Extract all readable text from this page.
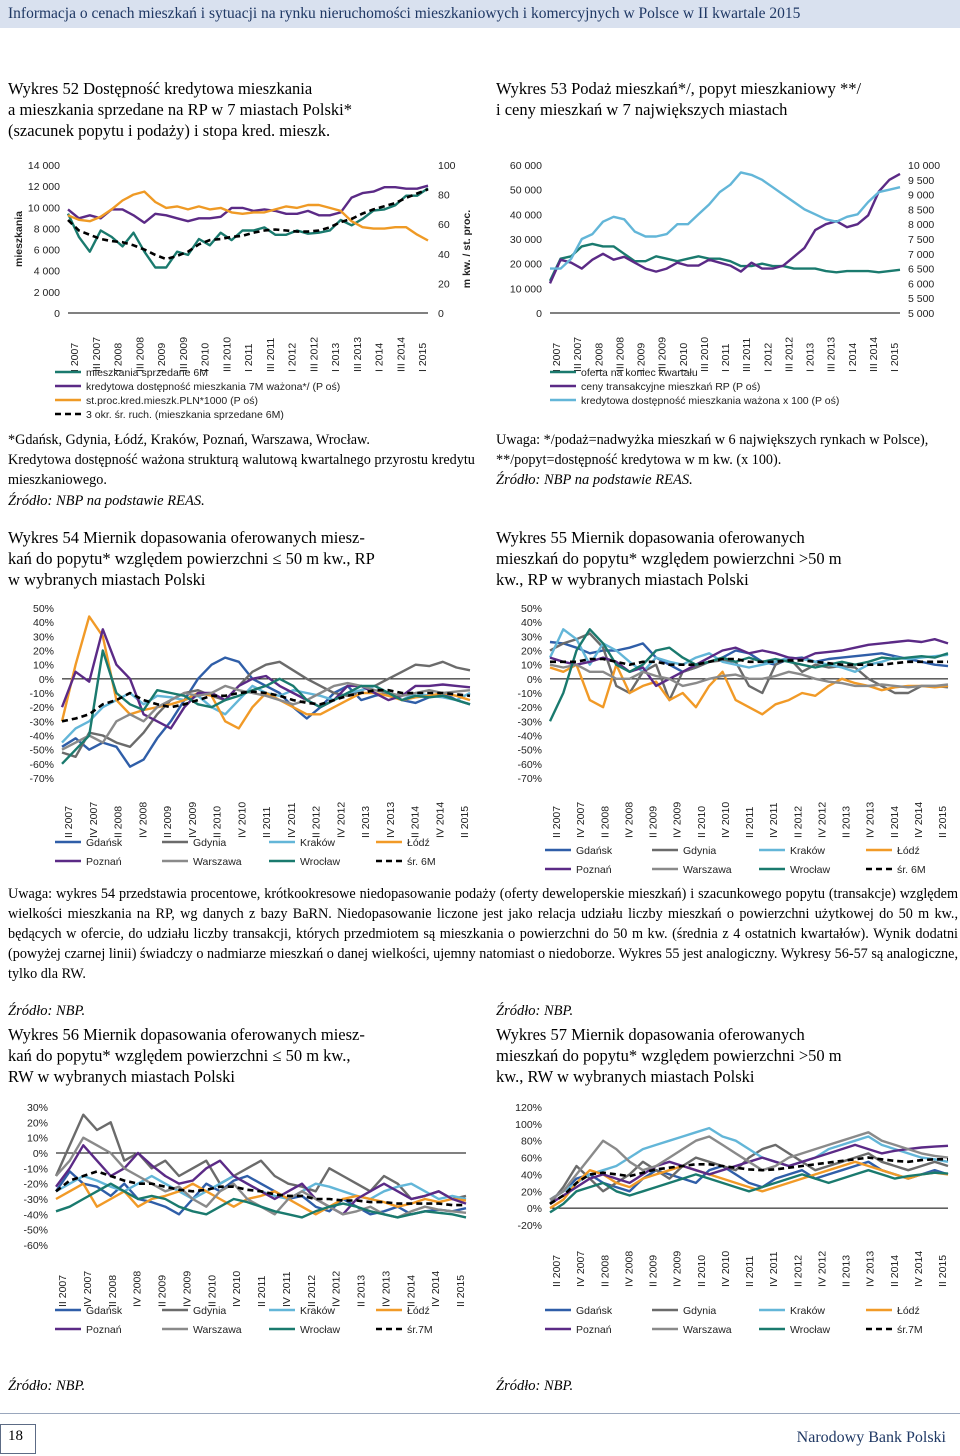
Informacja o cenach mieszkań i sytuacji na rynku nieruchomości mieszkaniowych i komercyjnych w Polsce w II kwartale 2015
Wykres 52 Dostępność kredytowa mieszkania
a mieszkania sprzedane na RP w 7 miastach Polski*
(szacunek popytu i podaży) i stopa kred. mieszk.
14 000
12 000
10 000
8 000
6 000
4 000
2 000
0
100
80
60
40
20
0
mieszkania	m kw. / st. proc.
I 2007 III 2007 I 2008 III 2008 I 2009 III 2009 I 2010 III 2010 I 2011 III 2011 I 2012 III 2012 I 2013 III 2013 I 2014 III 2014 I 2015
mieszkania sprzedane 6M
kredytowa dostępność mieszkania 7M ważona*/ (P oś)
st.proc.kred.mieszk.PLN*1000 (P oś)
3 okr. śr. ruch. (mieszkania sprzedane 6M)

*Gdańsk, Gdynia, Łódź, Kraków, Poznań, Warszawa, Wrocław.

Kredytowa dostępność ważona strukturą walutową kwartalnego przyrostu kredytu mieszkaniowego.

Źródło: NBP na podstawie REAS.
Wykres 53 Podaż mieszkań*/, popyt mieszkaniowy **/
i ceny mieszkań w 7 największych miastach
60 000
50 000
40 000
30 000
20 000
10 000
0
10 000
9 500
9 000
8 500
8 000
7 500
7 000
6 500
6 000
5 500
5 000
I 2007 III 2007 I 2008 III 2008 I 2009 III 2009 I 2010 III 2010 I 2011 III 2011 I 2012 III 2012 I 2013 III 2013 I 2014 III 2014 I 2015
oferta na koniec kwartału
ceny transakcyjne mieszkań RP (P oś)
kredytowa dostępność mieszkania ważona x 100 (P oś)

Uwaga: */podaż=nadwyżka mieszkań w 6 największych rynkach w Polsce), **/popyt=dostępność kredytowa w m kw. (x 100).

Źródło: NBP na podstawie REAS.
Wykres 54 Miernik dopasowania oferowanych miesz-
kań do popytu* względem powierzchni ≤ 50 m kw., RP
w wybranych miastach Polski
50%
40%
30%
20%
10%
0%
-10%
-20%
-30%
-40%
-50%
-60%
-70%
II 2007 IV 2007 II 2008 IV 2008 II 2009 IV 2009 II 2010 IV 2010 II 2011 IV 2011 II 2012 IV 2012 II 2013 IV 2013 II 2014 IV 2014 II 2015
Gdańsk	Gdynia	Kraków	Łódź
Poznań	Warszawa	Wrocław	śr. 6M
Wykres 55 Miernik dopasowania oferowanych
mieszkań do popytu* względem powierzchni >50 m
kw., RP w wybranych miastach Polski
50%
40%
30%
20%
10%
0%
-10%
-20%
-30%
-40%
-50%
-60%
-70%
II 2007 IV 2007 II 2008 IV 2008 II 2009 IV 2009 II 2010 IV 2010 II 2011 IV 2011 II 2012 IV 2012 II 2013 IV 2013 II 2014 IV 2014 II 2015
Gdańsk	Gdynia	Kraków	Łódź
Poznań	Warszawa	Wrocław	śr. 6M
Uwaga: wykres 54 przedstawia procentowe, krótkookresowe niedopasowanie podaży (oferty deweloperskie mieszkań) i szacunkowego popytu (transakcje) względem wielkości mieszkania na RP, wg danych z bazy BaRN. Niedopasowanie liczone jest jako relacja udziału liczby mieszkań o powierzchni użytkowej do 50 m kw., będących w ofercie, do udziału liczby transakcji, których przedmiotem są mieszkania o powierzchni do 50 m kw. (średnia z 4 ostatnich kwartałów). Wynik dodatni (powyżej czarnej linii) świadczy o nadmiarze mieszkań o danej wielkości, ujemny natomiast o niedoborze. Wykres 55 jest analogiczny. Wykresy 56-57 są analogiczne, tylko dla RW.
Źródło: NBP.	Źródło: NBP.
Wykres 56 Miernik dopasowania oferowanych miesz-
kań do popytu* względem powierzchni ≤ 50 m kw.,
RW w wybranych miastach Polski
30%
20%
10%
0%
-10%
-20%
-30%
-40%
-50%
-60%
II 2007 IV 2007 II 2008 IV 2008 II 2009 IV 2009 II 2010 IV 2010 II 2011 IV 2011 II 2012 IV 2012 II 2013 IV 2013 II 2014 IV 2014 II 2015
Gdańsk	Gdynia	Kraków	Łódź
Poznań	Warszawa	Wrocław	śr.7M
Źródło: NBP.
Wykres 57 Miernik dopasowania oferowanych
mieszkań do popytu* względem powierzchni >50 m
kw., RW w wybranych miastach Polski
120%
100%
80%
60%
40%
20%
0%
-20%
II 2007 IV 2007 II 2008 IV 2008 II 2009 IV 2009 II 2010 IV 2010 II 2011 IV 2011 II 2012 IV 2012 II 2013 IV 2013 II 2014 IV 2014 II 2015
Gdańsk	Gdynia	Kraków	Łódź
Poznań	Warszawa	Wrocław	śr.7M
Źródło: NBP.
18	Narodowy Bank Polski
